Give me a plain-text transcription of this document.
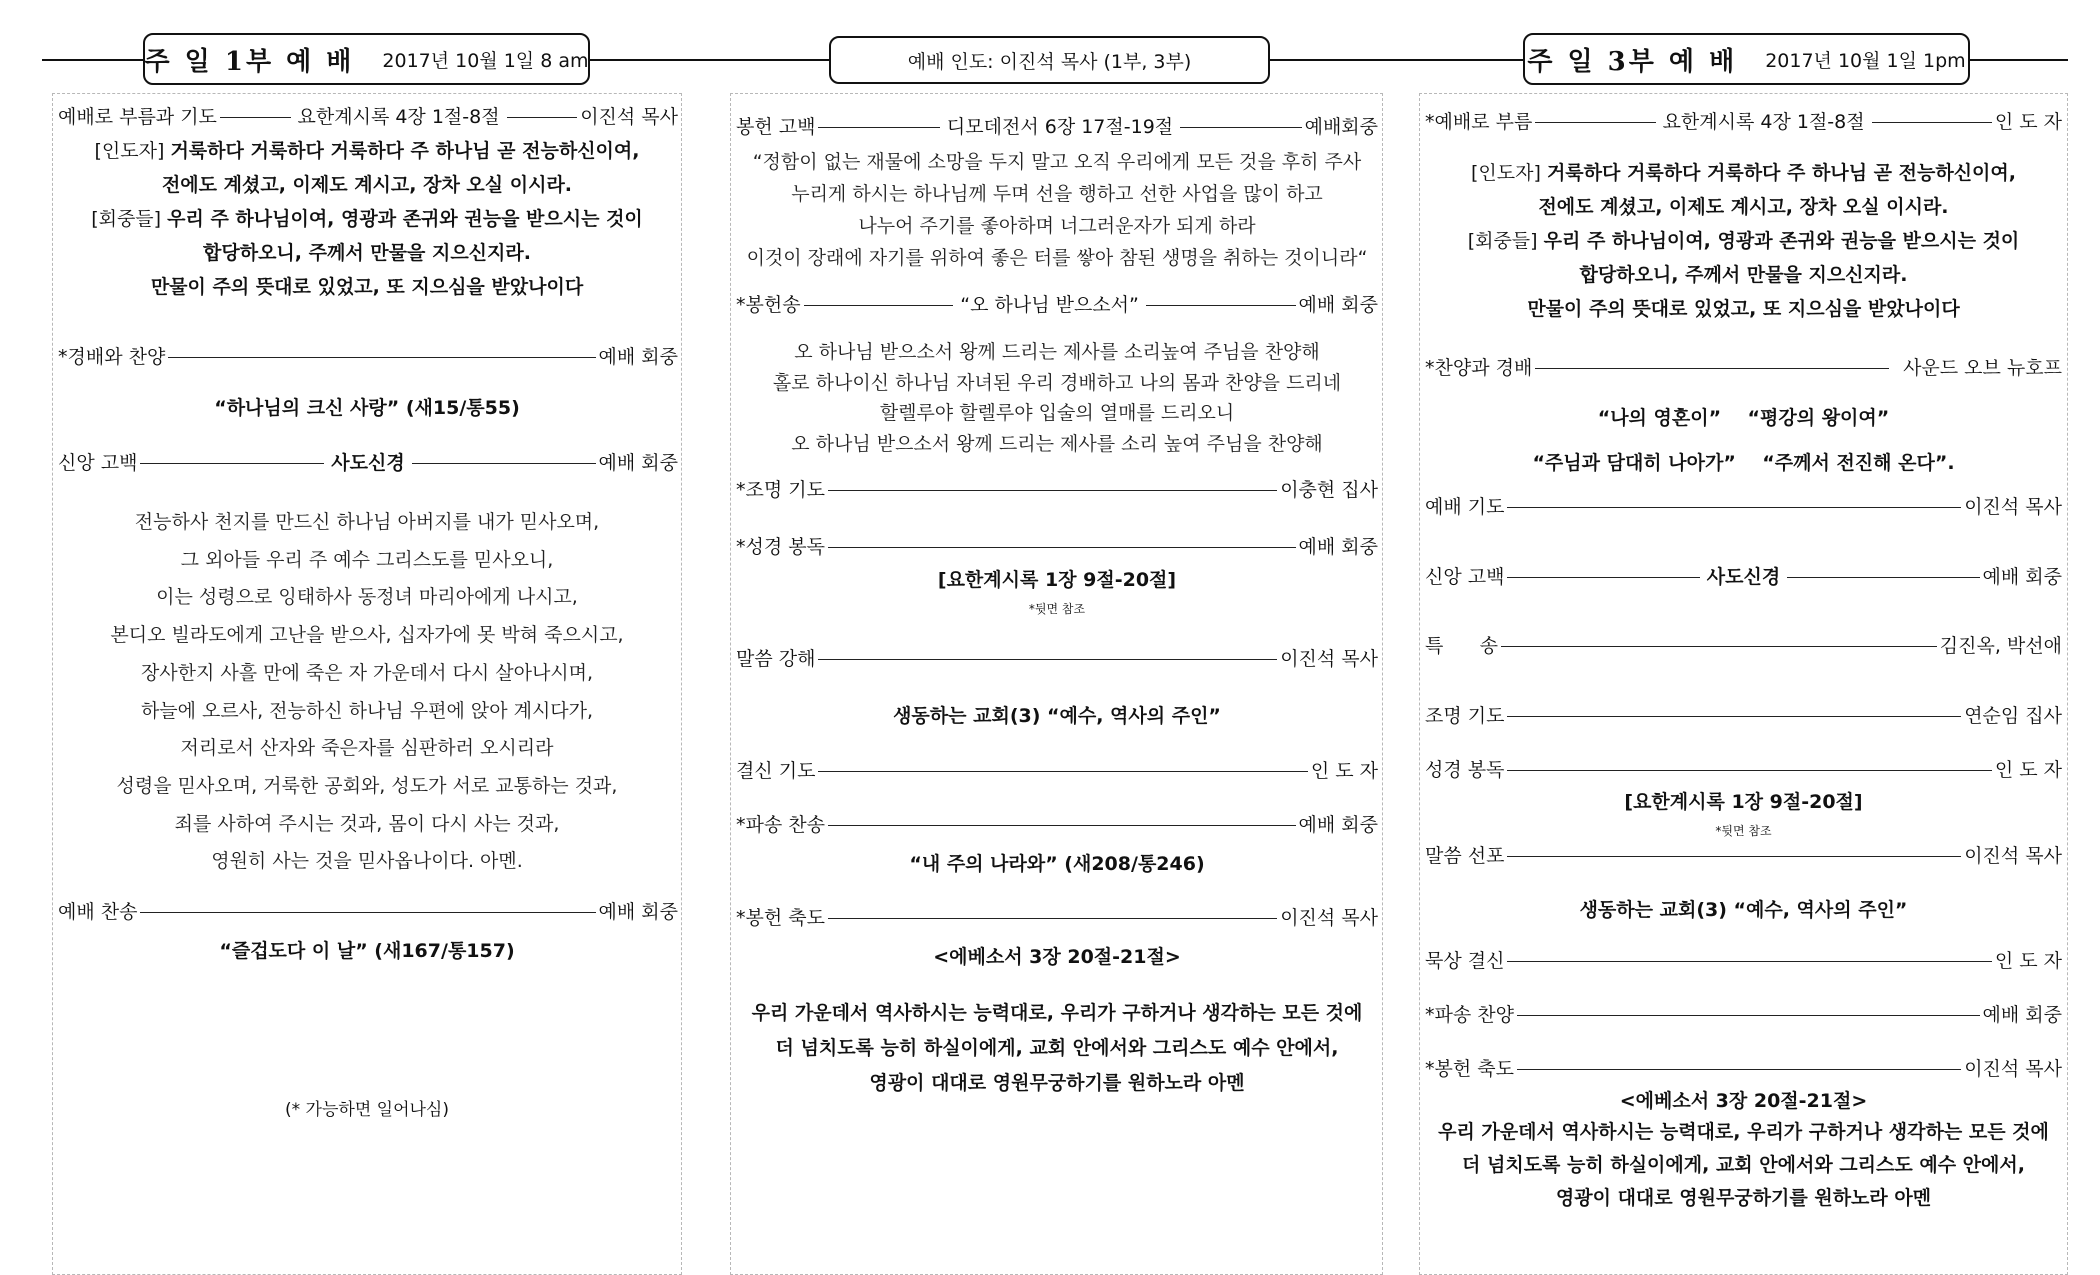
주 일 1부 예 배 2017년 10월 1일 8 am	예배 인도: 이진석 목사 (1부, 3부)	주 일 3부 예 배 2017년 10월 1일 1pm
예배로 부름과 기도	요한계시록 4장 1절-8절	이진석 목사
[인도자] 거룩하다 거룩하다 거룩하다 주 하나님 곧 전능하신이여,
전에도 계셨고, 이제도 계시고, 장차 오실 이시라.
[회중들] 우리 주 하나님이여, 영광과 존귀와 권능을 받으시는 것이
합당하오니, 주께서 만물을 지으신지라.
만물이 주의 뜻대로 있었고, 또 지으심을 받았나이다
*경배와 찬양	예배 회중
“하나님의 크신 사랑” (새15/통55)
신앙 고백	사도신경	예배 회중
전능하사 천지를 만드신 하나님 아버지를 내가 믿사오며,
그 외아들 우리 주 예수 그리스도를 믿사오니,
이는 성령으로 잉태하사 동정녀 마리아에게 나시고,
본디오 빌라도에게 고난을 받으사, 십자가에 못 박혀 죽으시고,
장사한지 사흘 만에 죽은 자 가운데서 다시 살아나시며,
하늘에 오르사, 전능하신 하나님 우편에 앉아 계시다가,
저리로서 산자와 죽은자를 심판하러 오시리라
성령을 믿사오며, 거룩한 공회와, 성도가 서로 교통하는 것과,
죄를 사하여 주시는 것과, 몸이 다시 사는 것과,
영원히 사는 것을 믿사옵나이다. 아멘.
예배 찬송	예배 회중
“즐겁도다 이 날” (새167/통157)
(* 가능하면 일어나심)
봉헌 고백	디모데전서 6장 17절-19절	예배회중
“정함이 없는 재물에 소망을 두지 말고 오직 우리에게 모든 것을 후히 주사
누리게 하시는 하나님께 두며 선을 행하고 선한 사업을 많이 하고
나누어 주기를 좋아하며 너그러운자가 되게 하라
이것이 장래에 자기를 위하여 좋은 터를 쌓아 참된 생명을 취하는 것이니라“
*봉헌송	“오 하나님 받으소서”	예배 회중
오 하나님 받으소서 왕께 드리는 제사를 소리높여 주님을 찬양해
홀로 하나이신 하나님 자녀된 우리 경배하고 나의 몸과 찬양을 드리네
할렐루야 할렐루야 입술의 열매를 드리오니
오 하나님 받으소서 왕께 드리는 제사를 소리 높여 주님을 찬양해
*조명 기도	이충현 집사
*성경 봉독	예배 회중
[요한계시록 1장 9절-20절]
*뒷면 참조
말씀 강해	이진석 목사
생동하는 교회(3) “예수, 역사의 주인”
결신 기도	인 도 자
*파송 찬송	예배 회중
“내 주의 나라와” (새208/통246)
*봉헌 축도	이진석 목사
<에베소서 3장 20절-21절>
우리 가운데서 역사하시는 능력대로, 우리가 구하거나 생각하는 모든 것에
더 넘치도록 능히 하실이에게, 교회 안에서와 그리스도 예수 안에서,
영광이 대대로 영원무궁하기를 원하노라 아멘
*예배로 부름	요한계시록 4장 1절-8절	인 도 자
[인도자] 거룩하다 거룩하다 거룩하다 주 하나님 곧 전능하신이여,
전에도 계셨고, 이제도 계시고, 장차 오실 이시라.
[회중들] 우리 주 하나님이여, 영광과 존귀와 권능을 받으시는 것이
합당하오니, 주께서 만물을 지으신지라.
만물이 주의 뜻대로 있었고, 또 지으심을 받았나이다
*찬양과 경배	사운드 오브 뉴호프
“나의 영혼이”    “평강의 왕이여”
“주님과 담대히 나아가”    “주께서 전진해 온다”.
예배 기도	이진석 목사
신앙 고백	사도신경	예배 회중
특      송	김진옥, 박선애
조명 기도	연순임 집사
성경 봉독	인 도 자
[요한계시록 1장 9절-20절]
*뒷면 참조
말씀 선포	이진석 목사
생동하는 교회(3) “예수, 역사의 주인”
묵상 결신	인 도 자
*파송 찬양	예배 회중
*봉헌 축도	이진석 목사
<에베소서 3장 20절-21절>
우리 가운데서 역사하시는 능력대로, 우리가 구하거나 생각하는 모든 것에
더 넘치도록 능히 하실이에게, 교회 안에서와 그리스도 예수 안에서,
영광이 대대로 영원무궁하기를 원하노라 아멘
